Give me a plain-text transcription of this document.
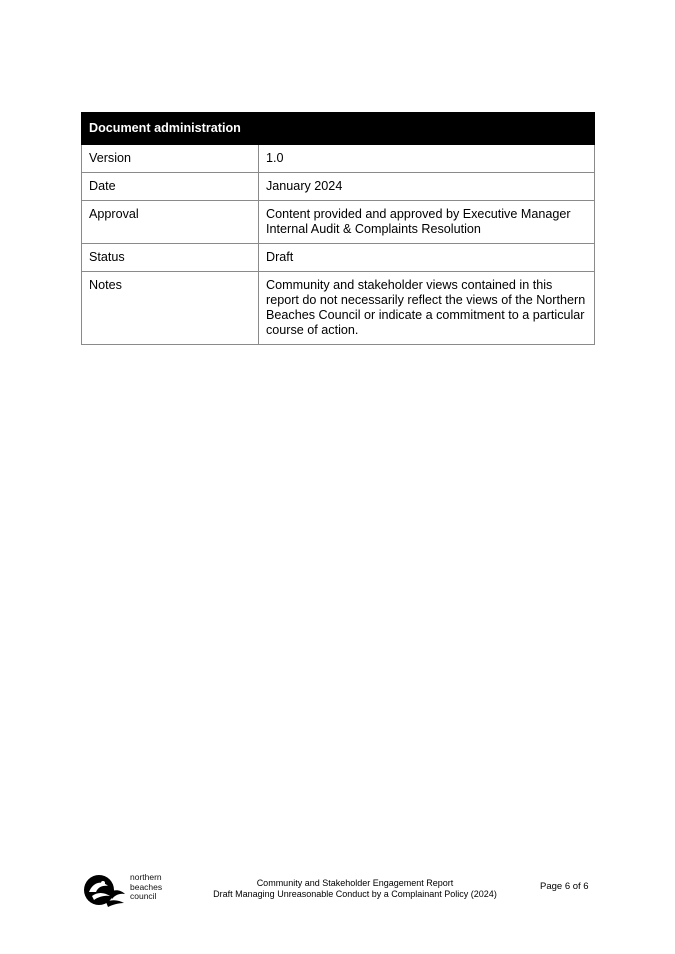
Document administration	
Version	1.0
Date	January 2024
Approval	Content provided and approved by Executive Manager Internal Audit & Complaints Resolution
Status	Draft
Notes	Community and stakeholder views contained in this report do not necessarily reflect the views of the Northern Beaches Council or indicate a commitment to a particular course of action.
northern
beaches
council
Community and Stakeholder Engagement Report
Draft Managing Unreasonable Conduct by a Complainant Policy (2024)
Page 6 of 6
